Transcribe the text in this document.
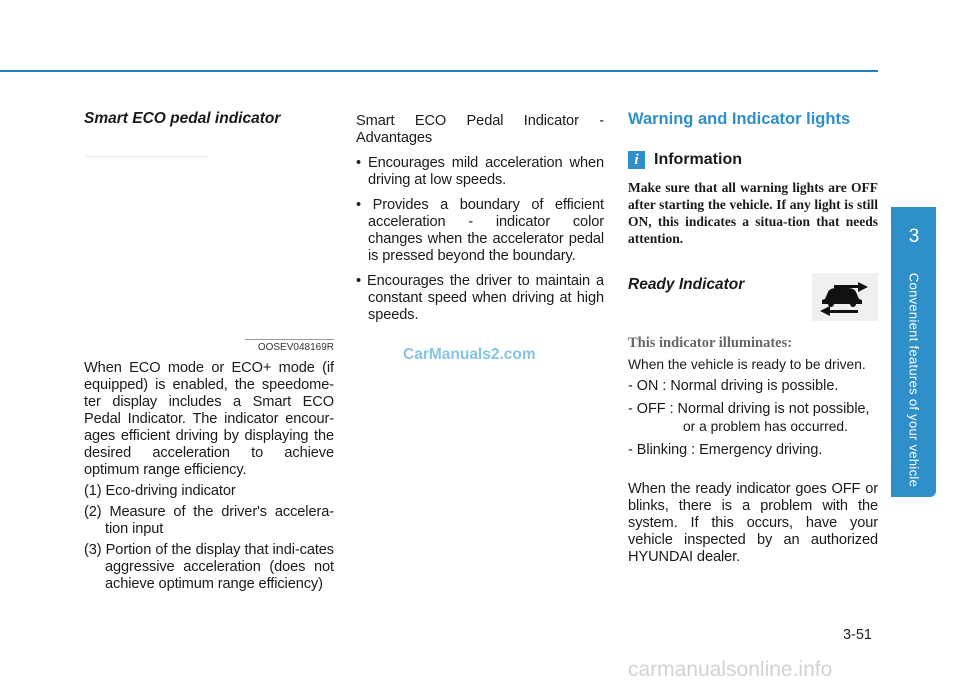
Smart ECO pedal indicator
OOSEV048169R

When ECO mode or ECO+ mode (if equipped) is enabled, the speedome-ter display includes a Smart ECO Pedal Indicator. The indicator encour-ages efficient driving by displaying the desired acceleration to achieve optimum range efficiency.

(1) Eco-driving indicator

(2) Measure of the driver's accelera-tion input

(3) Portion of the display that indi-cates aggressive acceleration (does not achieve optimum range efficiency)

Smart ECO Pedal Indicator - Advantages

• Encourages mild acceleration when driving at low speeds.

• Provides a boundary of efficient acceleration - indicator color changes when the accelerator pedal is pressed beyond the boundary.

• Encourages the driver to maintain a constant speed when driving at high speeds.

Warning and Indicator lights
i Information

Make sure that all warning lights are OFF after starting the vehicle. If any light is still ON, this indicates a situa-tion that needs attention.

Ready Indicator

This indicator illuminates:

When the vehicle is ready to be driven.

- ON : Normal driving is possible.

- OFF : Normal driving is not possible,

or a problem has occurred.

- Blinking : Emergency driving.

When the ready indicator goes OFF or blinks, there is a problem with the system. If this occurs, have your vehicle inspected by an authorized HYUNDAI dealer.

CarManuals2.com
3
Convenient features of your vehicle
3-51
carmanualsonline.info
